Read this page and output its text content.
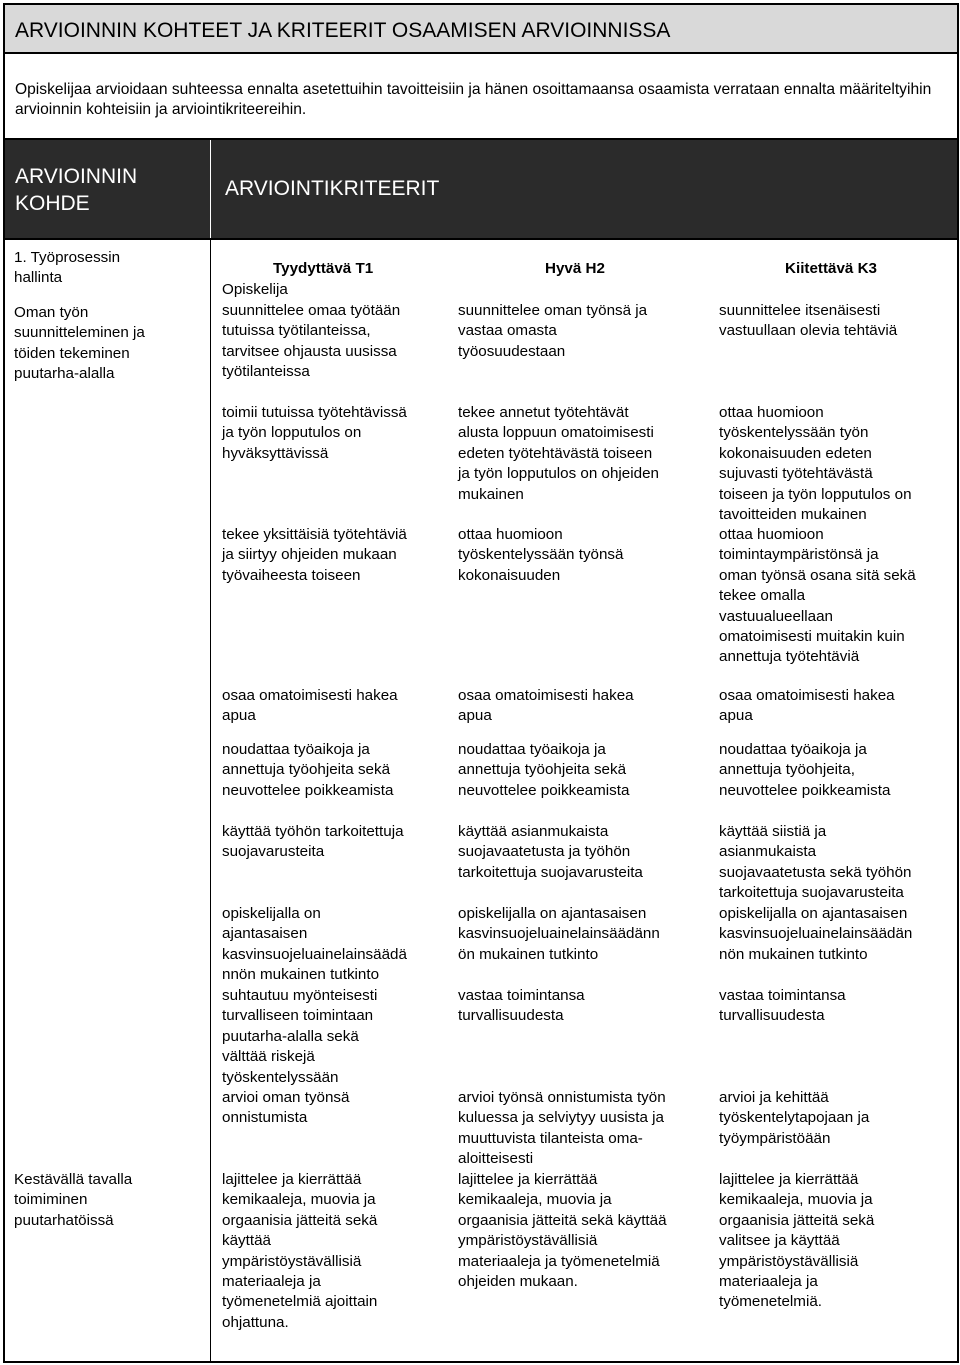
ARVIOINNIN KOHTEET JA KRITEERIT OSAAMISEN ARVIOINNISSA
Opiskelijaa arvioidaan suhteessa ennalta asetettuihin tavoitteisiin ja hänen osoittamaansa osaamista verrataan ennalta määriteltyihin arvioinnin kohteisiin ja arviointikriteereihin.
ARVIOINNIN
KOHDE
ARVIOINTIKRITEERIT
1. Työprosessin
hallinta
Oman työn
suunnitteleminen ja
töiden tekeminen
puutarha-alalla
Kestävällä tavalla
toimiminen
puutarhatöissä
Tyydyttävä T1	Hyvä H2	Kiitettävä K3
Opiskelija
suunnittelee omaa työtään
tutuissa työtilanteissa,
tarvitsee ohjausta uusissa
työtilanteissa
suunnittelee oman työnsä ja
vastaa omasta
työosuudestaan
suunnittelee itsenäisesti
vastuullaan olevia tehtäviä
toimii tutuissa työtehtävissä
ja työn lopputulos on
hyväksyttävissä
tekee annetut työtehtävät
alusta loppuun omatoimisesti
edeten työtehtävästä toiseen
ja työn lopputulos on ohjeiden
mukainen
ottaa huomioon
työskentelyssään työn
kokonaisuuden edeten
sujuvasti työtehtävästä
toiseen ja työn lopputulos on
tavoitteiden mukainen
tekee yksittäisiä työtehtäviä
ja siirtyy ohjeiden mukaan
työvaiheesta toiseen
ottaa huomioon
työskentelyssään työnsä
kokonaisuuden
ottaa huomioon
toimintaympäristönsä ja
oman työnsä osana sitä sekä
tekee omalla
vastuualueellaan
omatoimisesti muitakin kuin
annettuja työtehtäviä
osaa omatoimisesti hakea
apua
osaa omatoimisesti hakea
apua
osaa omatoimisesti hakea
apua
noudattaa työaikoja ja
annettuja työohjeita sekä
neuvottelee poikkeamista
noudattaa työaikoja ja
annettuja työohjeita sekä
neuvottelee poikkeamista
noudattaa työaikoja ja
annettuja työohjeita,
neuvottelee poikkeamista
käyttää työhön tarkoitettuja
suojavarusteita
käyttää asianmukaista
suojavaatetusta ja työhön
tarkoitettuja suojavarusteita
käyttää siistiä ja
asianmukaista
suojavaatetusta sekä työhön
tarkoitettuja suojavarusteita
opiskelijalla on
ajantasaisen
kasvinsuojeluainelainsäädä
nnön mukainen tutkinto
opiskelijalla on ajantasaisen
kasvinsuojeluainelainsäädänn
ön mukainen tutkinto
opiskelijalla on ajantasaisen
kasvinsuojeluainelainsäädän
nön mukainen tutkinto
suhtautuu myönteisesti
turvalliseen toimintaan
puutarha-alalla sekä
välttää riskejä
työskentelyssään
vastaa toimintansa
turvallisuudesta
vastaa toimintansa
turvallisuudesta
arvioi oman työnsä
onnistumista
arvioi työnsä onnistumista työn
kuluessa ja selviytyy uusista ja
muuttuvista tilanteista oma-
aloitteisesti
arvioi ja kehittää
työskentelytapojaan ja
työympäristöään
lajittelee ja kierrättää
kemikaaleja, muovia ja
orgaanisia jätteitä sekä
käyttää
ympäristöystävällisiä
materiaaleja ja
työmenetelmiä ajoittain
ohjattuna.
lajittelee ja kierrättää
kemikaaleja, muovia ja
orgaanisia jätteitä sekä käyttää
ympäristöystävällisiä
materiaaleja ja työmenetelmiä
ohjeiden mukaan.
lajittelee ja kierrättää
kemikaaleja, muovia ja
orgaanisia jätteitä sekä
valitsee ja käyttää
ympäristöystävällisiä
materiaaleja ja
työmenetelmiä.
